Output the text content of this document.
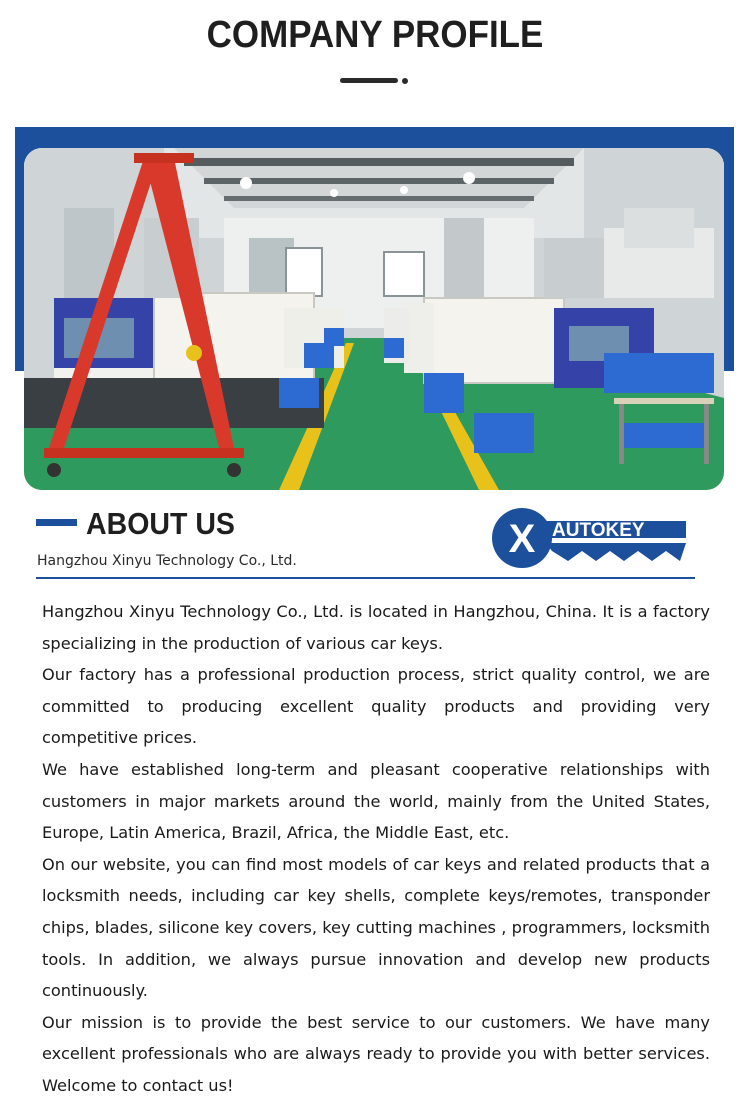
COMPANY PROFILE
ABOUT US
Hangzhou Xinyu Technology Co., Ltd.	X AUTOKEY

Hangzhou Xinyu Technology Co., Ltd. is located in Hangzhou, China. It is a factory specializing in the production of various car keys.

Our factory has a professional production process, strict quality control, we are committed to producing excellent quality products and providing very competitive prices.

We have established long-term and pleasant cooperative relationships with customers in major markets around the world, mainly from the United States, Europe, Latin America, Brazil, Africa, the Middle East, etc.

On our website, you can find most models of car keys and related products that a locksmith needs, including car key shells, complete keys/remotes, transponder chips, blades, silicone key covers, key cutting machines , programmers, locksmith tools. In addition, we always pursue innovation and develop new products continuously.

Our mission is to provide the best service to our customers. We have many excellent professionals who are always ready to provide you with better services. Welcome to contact us!
